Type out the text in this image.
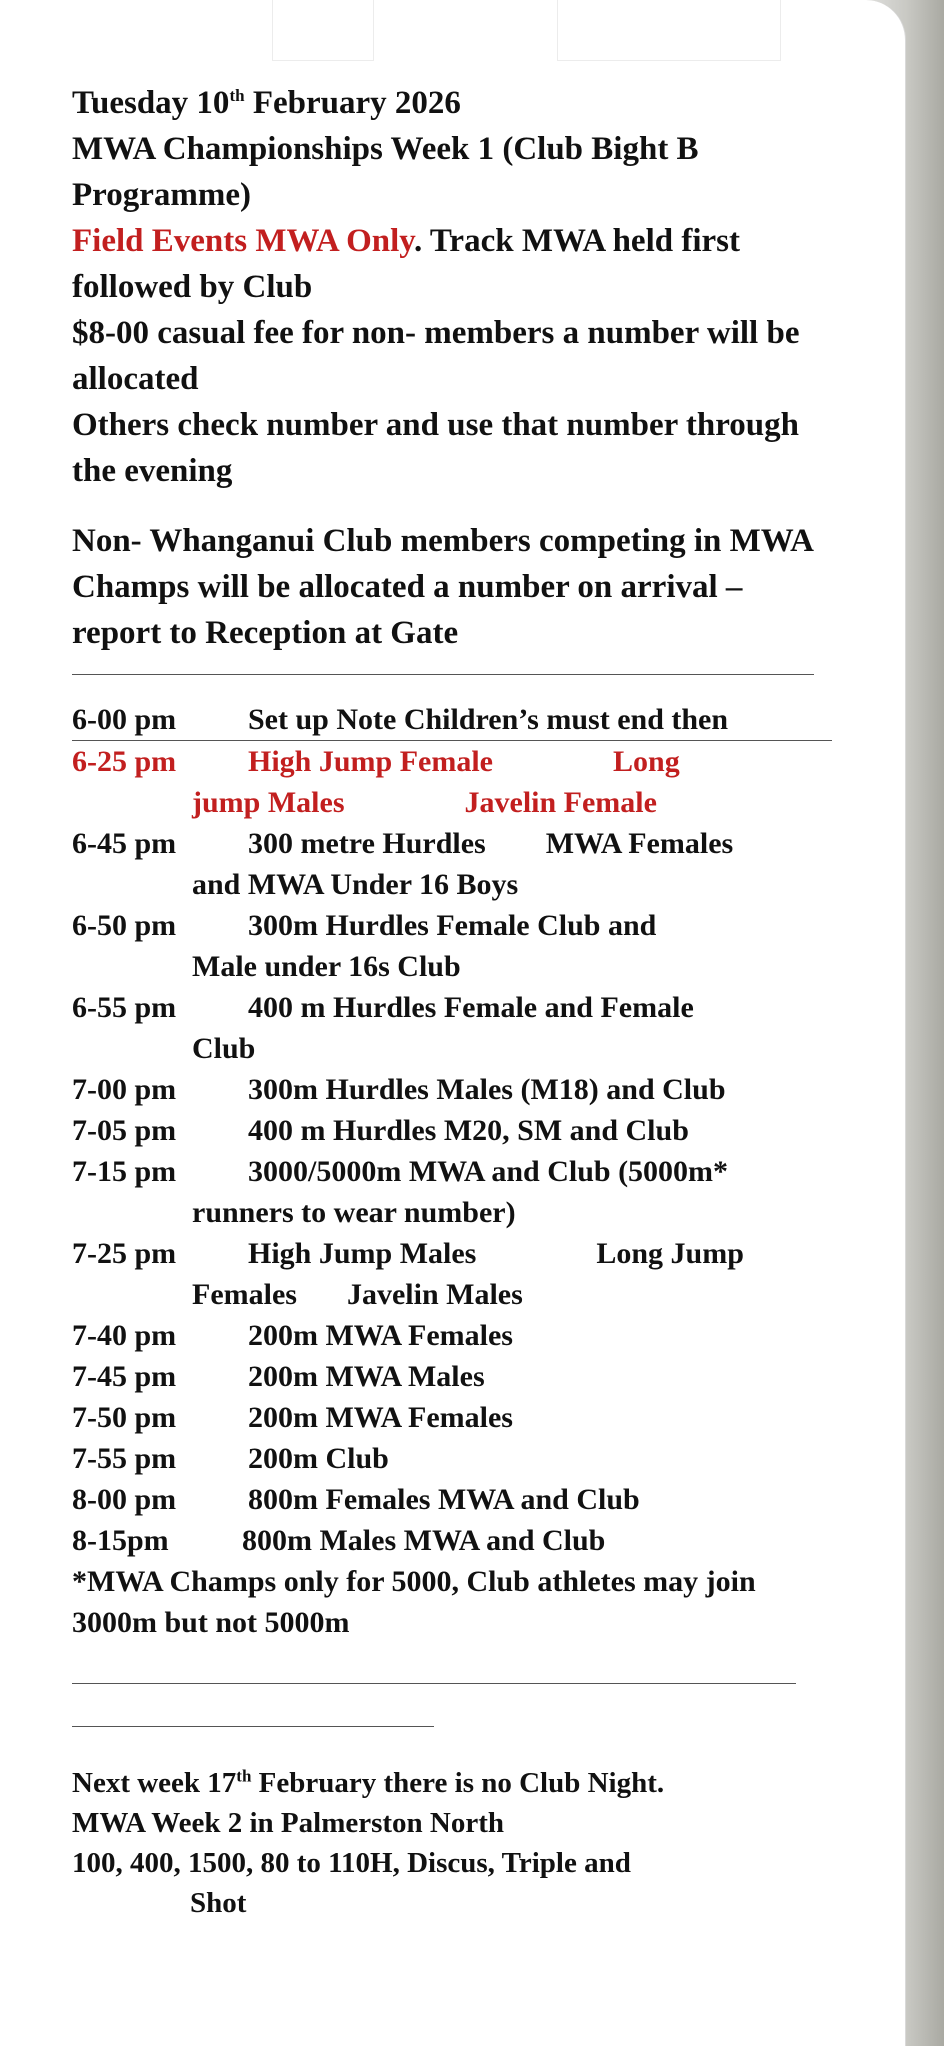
Tuesday 10th February 2026

MWA Championships Week 1 (Club Bight B Programme)

Field Events MWA Only. Track MWA held first followed by Club

$8-00 casual fee for non- members a number will be allocated

Others check number and use that number through the evening

Non- Whanganui Club members competing in MWA Champs will be allocated a number on arrival – report to Reception at Gate

6-00 pm	Set up Note Children’s must end then
6-25 pm	High Jump Female	Long
jump Males	Javelin Female
6-45 pm	300 metre Hurdles MWA Females
and MWA Under 16 Boys
6-50 pm	300m Hurdles Female Club and
Male under 16s Club
6-55 pm	400 m Hurdles Female and Female
Club
7-00 pm	300m Hurdles Males (M18) and Club
7-05 pm	400 m Hurdles M20, SM and Club
7-15 pm	3000/5000m MWA and Club (5000m*
runners to wear number)
7-25 pm	High Jump Males	Long Jump
Females Javelin Males
7-40 pm	200m MWA Females
7-45 pm	200m MWA Males
7-50 pm	200m MWA Females
7-55 pm	200m Club
8-00 pm	800m Females MWA and Club
8-15pm	800m Males MWA and Club

*MWA Champs only for 5000, Club athletes may join 3000m but not 5000m

Next week 17th February there is no Club Night.

MWA Week 2 in Palmerston North

100, 400, 1500, 80 to 110H, Discus, Triple and

Shot
